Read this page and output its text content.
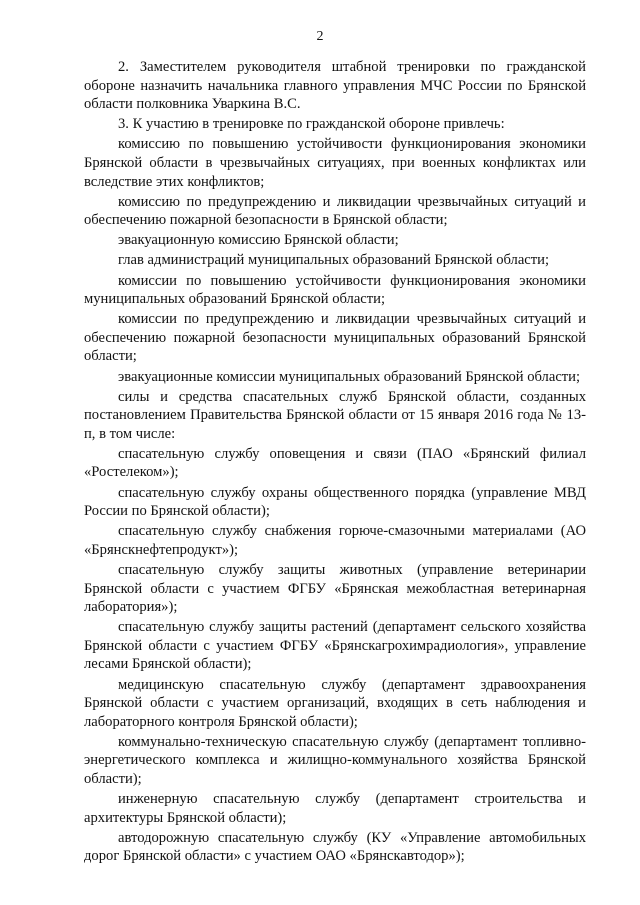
2

2. Заместителем руководителя штабной тренировки по гражданской обороне назначить начальника главного управления МЧС России по Брянской области полковника Уваркина В.С.

3. К участию в тренировке по гражданской обороне привлечь:

комиссию по повышению устойчивости функционирования экономики Брянской области в чрезвычайных ситуациях, при военных конфликтах или вследствие этих конфликтов;

комиссию по предупреждению и ликвидации чрезвычайных ситуаций и обеспечению пожарной безопасности в Брянской области;

эвакуационную комиссию Брянской области;

глав администраций муниципальных образований Брянской области;

комиссии по повышению устойчивости функционирования экономики муниципальных образований Брянской области;

комиссии по предупреждению и ликвидации чрезвычайных ситуаций и обеспечению пожарной безопасности муниципальных образований Брянской области;

эвакуационные комиссии муниципальных образований Брянской области;

силы и средства спасательных служб Брянской области, созданных постановлением Правительства Брянской области от 15 января 2016 года № 13-п, в том числе:

спасательную службу оповещения и связи (ПАО «Брянский филиал «Ростелеком»);

спасательную службу охраны общественного порядка (управление МВД России по Брянской области);

спасательную службу снабжения горюче-смазочными материалами (АО «Брянскнефтепродукт»);

спасательную службу защиты животных (управление ветеринарии Брянской области с участием ФГБУ «Брянская межобластная ветеринарная лаборатория»);

спасательную службу защиты растений (департамент сельского хозяйства Брянской области с участием ФГБУ «Брянскагрохимрадиология», управление лесами Брянской области);

медицинскую спасательную службу (департамент здравоохранения Брянской области с участием организаций, входящих в сеть наблюдения и лабораторного контроля Брянской области);

коммунально-техническую спасательную службу (департамент топливно-энергетического комплекса и жилищно-коммунального хозяйства Брянской области);

инженерную спасательную службу (департамент строительства и архитектуры Брянской области);

автодорожную спасательную службу (КУ «Управление автомобильных дорог Брянской области» с участием ОАО «Брянскавтодор»);
